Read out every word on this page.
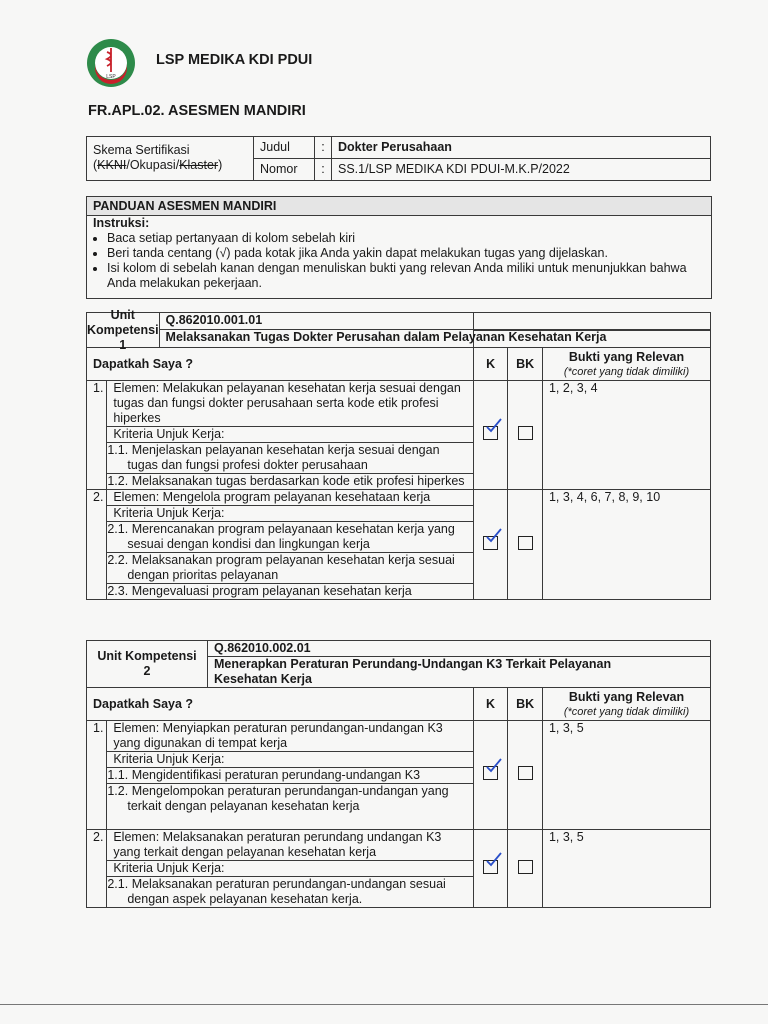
LSP
LSP MEDIKA KDI PDUI
FR.APL.02. ASESMEN MANDIRI
Skema Sertifikasi
(KKNI/Okupasi/Klaster)	Judul	:	Dokter Perusahaan
	Nomor	:	SS.1/LSP MEDIKA KDI PDUI-M.K.P/2022
PANDUAN ASESMEN MANDIRI
Instruksi:
• Baca setiap pertanyaan di kolom sebelah kiri
• Beri tanda centang (√) pada kotak jika Anda yakin dapat melakukan tugas yang dijelaskan.
• Isi kolom di sebelah kanan dengan menuliskan bukti yang relevan Anda miliki untuk menunjukkan bahwa Anda melakukan pekerjaan.
Unit Kompetensi
1
Q.862010.001.01
Melaksanakan Tugas Dokter Perusahan dalam Pelayanan Kesehatan Kerja				

Dapatkah Saya ?		K	BK	Bukti yang Relevan
(*coret yang tidak dimiliki)

1.	Elemen: Melakukan pelayanan kesehatan kerja sesuai dengan tugas dan fungsi dokter perusahaan serta kode etik profesi hiperkes			1, 2, 3, 4
	Kriteria Unjuk Kerja:			
	1.1. Menjelaskan pelayanan kesehatan kerja sesuai dengan tugas dan fungsi profesi dokter perusahaan			
	1.2. Melaksanakan tugas berdasarkan kode etik profesi hiperkes			
2.	Elemen: Mengelola program pelayanan kesehataan kerja			1, 3, 4, 6, 7, 8, 9, 10
	Kriteria Unjuk Kerja:			
	2.1. Merencanakan program pelayanaan kesehatan kerja yang sesuai dengan kondisi dan lingkungan kerja			
	2.2. Melaksanakan program pelayanan kesehatan kerja sesuai dengan prioritas pelayanan			
	2.3. Mengevaluasi program pelayanan kesehatan kerja			
Unit Kompetensi
2
Q.862010.002.01
Menerapkan Peraturan Perundang-Undangan K3 Terkait Pelayanan Kesehatan Kerja				

Dapatkah Saya ?		K	BK	Bukti yang Relevan
(*coret yang tidak dimiliki)

1.	Elemen: Menyiapkan peraturan perundangan-undangan K3 yang digunakan di tempat kerja			1, 3, 5
	Kriteria Unjuk Kerja:			
	1.1. Mengidentifikasi peraturan perundang-undangan K3			
	1.2. Mengelompokan peraturan perundangan-undangan yang terkait dengan pelayanan kesehatan kerja			
2.	Elemen: Melaksanakan peraturan perundang undangan K3 yang terkait dengan pelayanan kesehatan kerja			1, 3, 5
	Kriteria Unjuk Kerja:			
	2.1. Melaksanakan peraturan perundangan-undangan sesuai dengan aspek pelayanan kesehatan kerja.			
